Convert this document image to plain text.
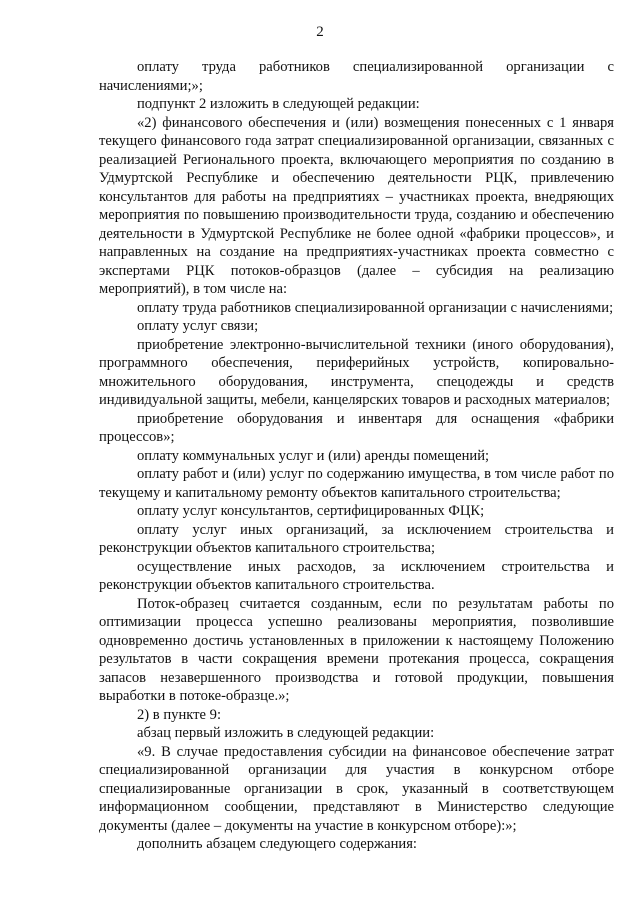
2

оплату труда работников специализированной организации с начислениями;»;

подпункт 2 изложить в следующей редакции:

«2) финансового обеспечения и (или) возмещения понесенных с 1 января текущего финансового года затрат специализированной организации, связанных с реализацией Регионального проекта, включающего мероприятия по созданию в Удмуртской Республике и обеспечению деятельности РЦК, привлечению консультантов для работы на предприятиях – участниках проекта, внедряющих мероприятия по повышению производительности труда, созданию и обеспечению деятельности в Удмуртской Республике не более одной «фабрики процессов», и направленных на создание на предприятиях-участниках проекта совместно с экспертами РЦК потоков-образцов (далее – субсидия на реализацию мероприятий), в том числе на:

оплату труда работников специализированной организации с начислениями;

оплату услуг связи;

приобретение электронно-вычислительной техники (иного оборудования), программного обеспечения, периферийных устройств, копировально-множительного оборудования, инструмента, спецодежды и средств индивидуальной защиты, мебели, канцелярских товаров и расходных материалов;

приобретение оборудования и инвентаря для оснащения «фабрики процессов»;

оплату коммунальных услуг и (или) аренды помещений;

оплату работ и (или) услуг по содержанию имущества, в том числе работ по текущему и капитальному ремонту объектов капитального строительства;

оплату услуг консультантов, сертифицированных ФЦК;

оплату услуг иных организаций, за исключением строительства и реконструкции объектов капитального строительства;

осуществление иных расходов, за исключением строительства и реконструкции объектов капитального строительства.

Поток-образец считается созданным, если по результатам работы по оптимизации процесса успешно реализованы мероприятия, позволившие одновременно достичь установленных в приложении к настоящему Положению результатов в части сокращения времени протекания процесса, сокращения запасов незавершенного производства и готовой продукции, повышения выработки в потоке-образце.»;

2) в пункте 9:

абзац первый изложить в следующей редакции:

«9. В случае предоставления субсидии на финансовое обеспечение затрат специализированной организации для участия в конкурсном отборе специализированные организации в срок, указанный в соответствующем информационном сообщении, представляют в Министерство следующие документы (далее – документы на участие в конкурсном отборе):»;

дополнить абзацем следующего содержания:
